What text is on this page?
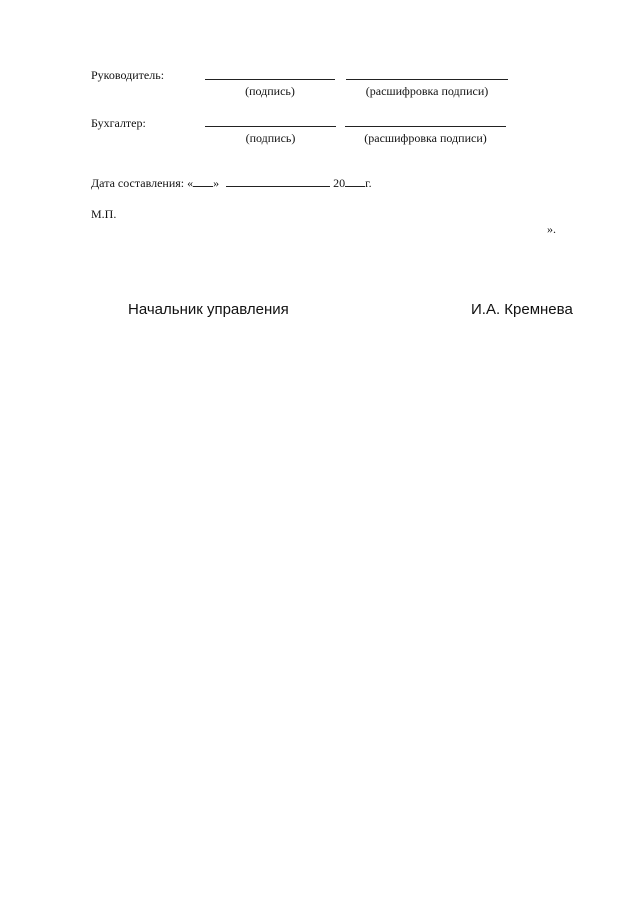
Руководитель:
(подпись)	(расшифровка подписи)
Бухгалтер:
(подпись)	(расшифровка подписи)
Дата составления: « »	20 г.
М.П.
».
Начальник управления	И.А. Кремнева
